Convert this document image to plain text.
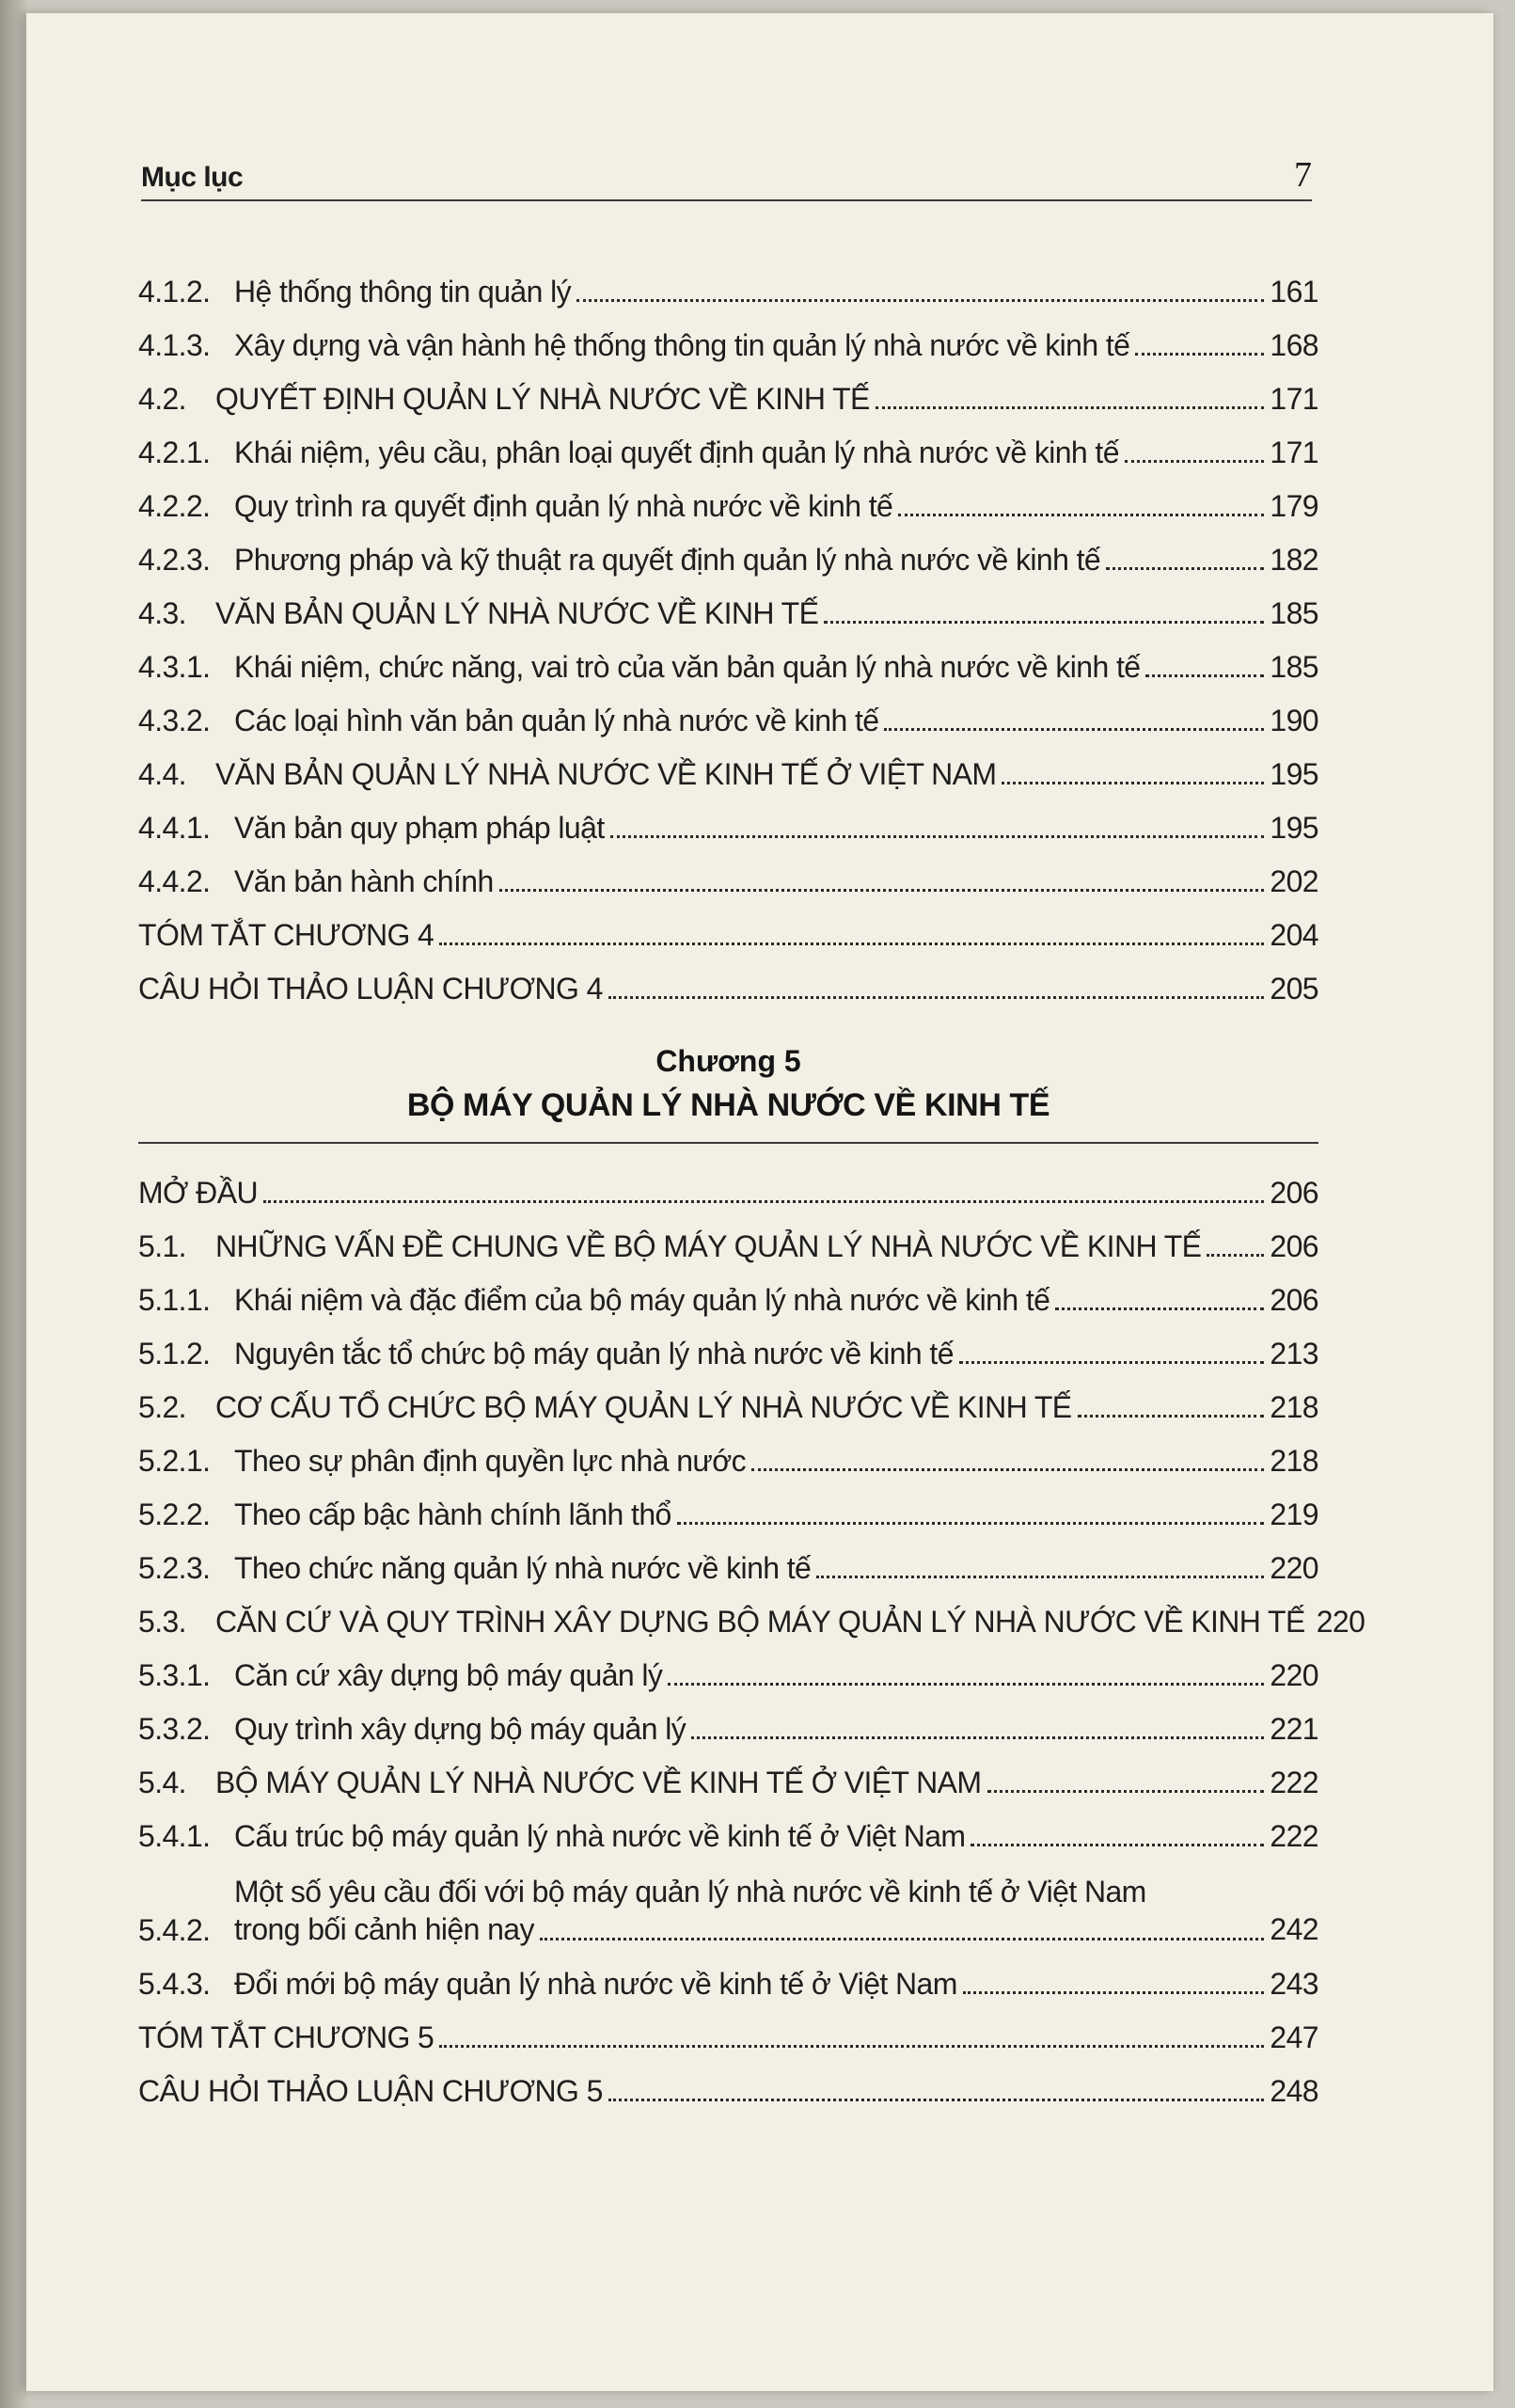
Mục lục	7
4.1.2. Hệ thống thông tin quản lý	161
4.1.3. Xây dựng và vận hành hệ thống thông tin quản lý nhà nước về kinh tế	168
4.2. QUYẾT ĐỊNH QUẢN LÝ NHÀ NƯỚC VỀ KINH TẾ	171
4.2.1. Khái niệm, yêu cầu, phân loại quyết định quản lý nhà nước về kinh tế	171
4.2.2. Quy trình ra quyết định quản lý nhà nước về kinh tế	179
4.2.3. Phương pháp và kỹ thuật ra quyết định quản lý nhà nước về kinh tế	182
4.3. VĂN BẢN QUẢN LÝ NHÀ NƯỚC VỀ KINH TẾ	185
4.3.1. Khái niệm, chức năng, vai trò của văn bản quản lý nhà nước về kinh tế	185
4.3.2. Các loại hình văn bản quản lý nhà nước về kinh tế	190
4.4. VĂN BẢN QUẢN LÝ NHÀ NƯỚC VỀ KINH TẾ Ở VIỆT NAM	195
4.4.1. Văn bản quy phạm pháp luật	195
4.4.2. Văn bản hành chính	202
TÓM TẮT CHƯƠNG 4	204
CÂU HỎI THẢO LUẬN CHƯƠNG 4	205
Chương 5
BỘ MÁY QUẢN LÝ NHÀ NƯỚC VỀ KINH TẾ
MỞ ĐẦU	206
5.1. NHỮNG VẤN ĐỀ CHUNG VỀ BỘ MÁY QUẢN LÝ NHÀ NƯỚC VỀ KINH TẾ 206
5.1.1. Khái niệm và đặc điểm của bộ máy quản lý nhà nước về kinh tế	206
5.1.2. Nguyên tắc tổ chức bộ máy quản lý nhà nước về kinh tế	213
5.2. CƠ CẤU TỔ CHỨC BỘ MÁY QUẢN LÝ NHÀ NƯỚC VỀ KINH TẾ	218
5.2.1. Theo sự phân định quyền lực nhà nước	218
5.2.2. Theo cấp bậc hành chính lãnh thổ	219
5.2.3. Theo chức năng quản lý nhà nước về kinh tế	220
5.3. CĂN CỨ VÀ QUY TRÌNH XÂY DỰNG BỘ MÁY QUẢN LÝ NHÀ NƯỚC VỀ KINH TẾ 220
5.3.1. Căn cứ xây dựng bộ máy quản lý	220
5.3.2. Quy trình xây dựng bộ máy quản lý	221
5.4. BỘ MÁY QUẢN LÝ NHÀ NƯỚC VỀ KINH TẾ Ở VIỆT NAM	222
5.4.1. Cấu trúc bộ máy quản lý nhà nước về kinh tế ở Việt Nam	222
5.4.2.
Một số yêu cầu đối với bộ máy quản lý nhà nước về kinh tế ở Việt Nam
trong bối cảnh hiện nay	242
5.4.3. Đổi mới bộ máy quản lý nhà nước về kinh tế ở Việt Nam	243
TÓM TẮT CHƯƠNG 5	247
CÂU HỎI THẢO LUẬN CHƯƠNG 5	248
